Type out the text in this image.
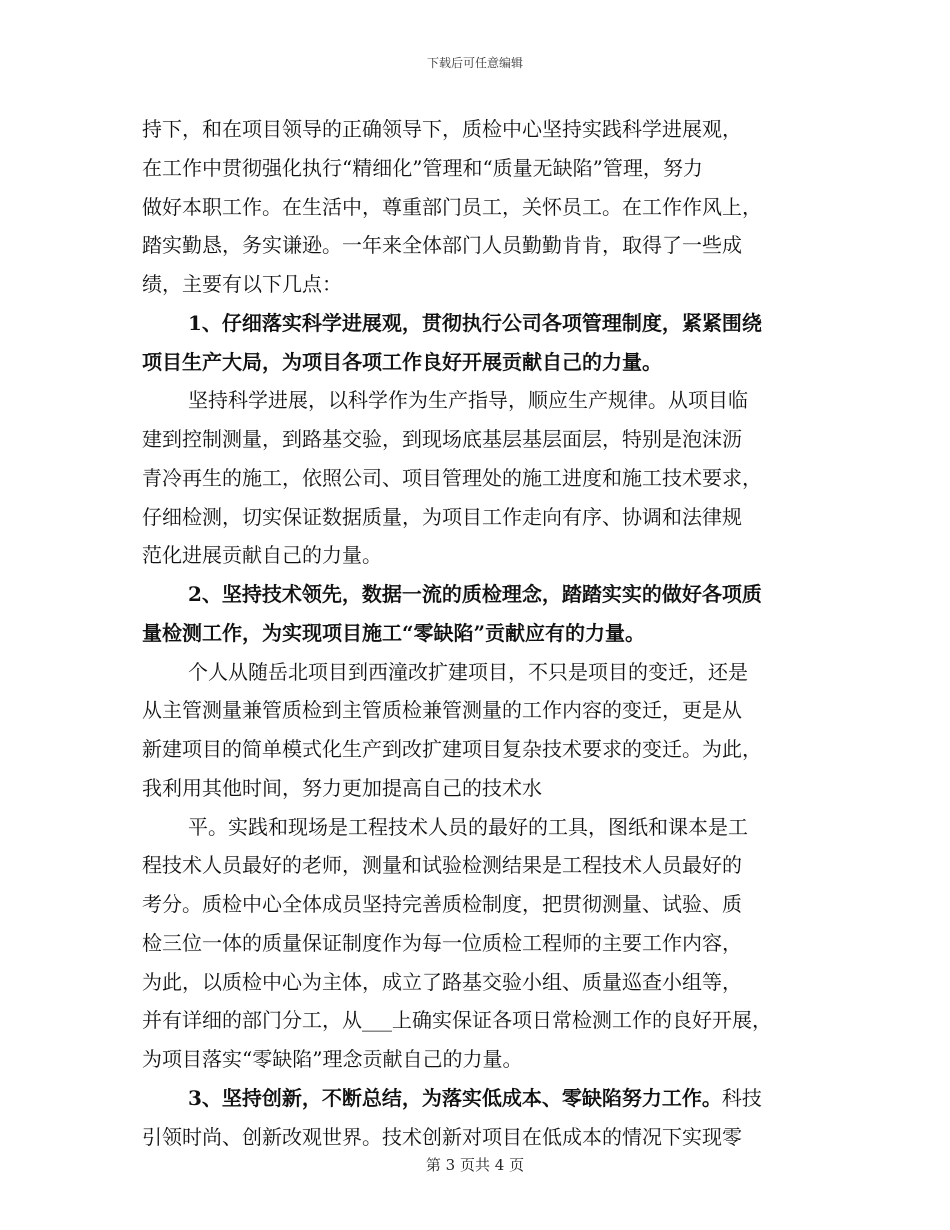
下载后可任意编辑
持下，和在项目领导的正确领导下，质检中心坚持实践科学进展观，
在工作中贯彻强化执行“精细化”管理和“质量无缺陷”管理，努力
做好本职工作。在生活中，尊重部门员工，关怀员工。在工作作风上，
踏实勤恳，务实谦逊。一年来全体部门人员勤勤肯肯，取得了一些成
绩，主要有以下几点：
1、仔细落实科学进展观，贯彻执行公司各项管理制度，紧紧围绕
项目生产大局，为项目各项工作良好开展贡献自己的力量。
坚持科学进展，以科学作为生产指导，顺应生产规律。从项目临
建到控制测量，到路基交验，到现场底基层基层面层，特别是泡沫沥
青冷再生的施工，依照公司、项目管理处的施工进度和施工技术要求，
仔细检测，切实保证数据质量，为项目工作走向有序、协调和法律规
范化进展贡献自己的力量。
2、坚持技术领先，数据一流的质检理念，踏踏实实的做好各项质
量检测工作，为实现项目施工“零缺陷”贡献应有的力量。
个人从随岳北项目到西潼改扩建项目，不只是项目的变迁，还是
从主管测量兼管质检到主管质检兼管测量的工作内容的变迁，更是从
新建项目的简单模式化生产到改扩建项目复杂技术要求的变迁。为此，
我利用其他时间，努力更加提高自己的技术水
平。实践和现场是工程技术人员的最好的工具，图纸和课本是工
程技术人员最好的老师，测量和试验检测结果是工程技术人员最好的
考分。质检中心全体成员坚持完善质检制度，把贯彻测量、试验、质
检三位一体的质量保证制度作为每一位质检工程师的主要工作内容，
为此，以质检中心为主体，成立了路基交验小组、质量巡查小组等，
并有详细的部门分工，从___上确实保证各项日常检测工作的良好开展，
为项目落实“零缺陷”理念贡献自己的力量。
3、坚持创新，不断总结，为落实低成本、零缺陷努力工作。科技
引领时尚、创新改观世界。技术创新对项目在低成本的情况下实现零
第 3 页共 4 页
